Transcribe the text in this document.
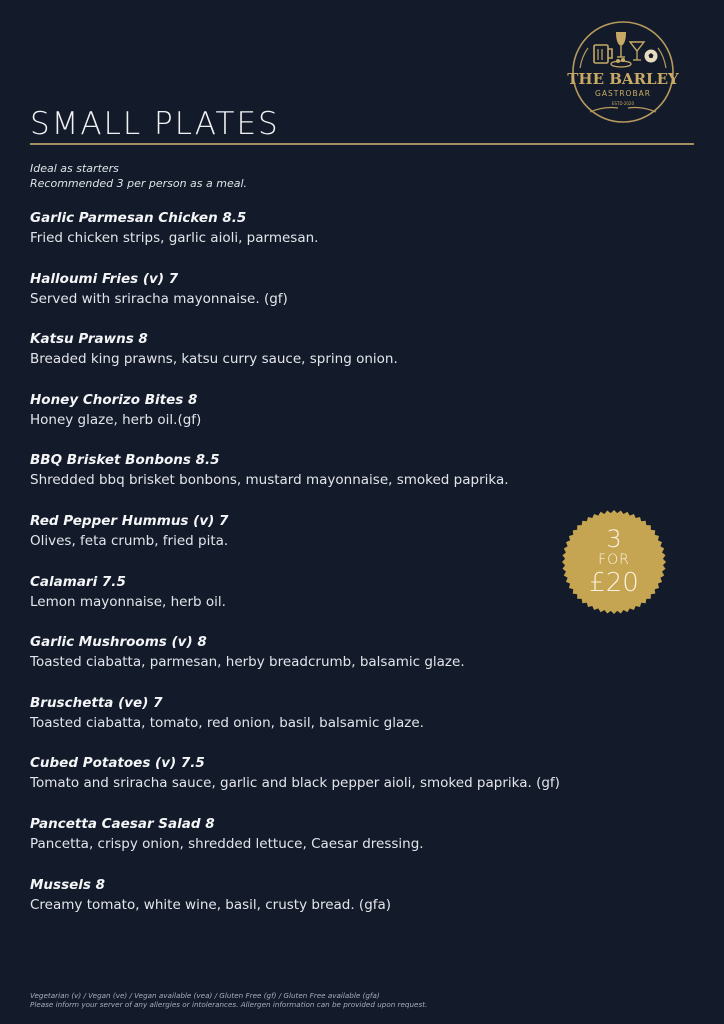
THE BARLEY
GASTROBAR
ESTD·2020
SMALL PLATES
Ideal as starters
Recommended 3 per person as a meal.
Garlic Parmesan Chicken 8.5
Fried chicken strips, garlic aioli, parmesan.
Halloumi Fries (v) 7
Served with sriracha mayonnaise. (gf)
Katsu Prawns 8
Breaded king prawns, katsu curry sauce, spring onion.
Honey Chorizo Bites 8
Honey glaze, herb oil.(gf)
BBQ Brisket Bonbons 8.5
Shredded bbq brisket bonbons, mustard mayonnaise, smoked paprika.
Red Pepper Hummus (v) 7
Olives, feta crumb, fried pita.
Calamari 7.5
Lemon mayonnaise, herb oil.
Garlic Mushrooms (v) 8
Toasted ciabatta, parmesan, herby breadcrumb, balsamic glaze.
Bruschetta (ve) 7
Toasted ciabatta, tomato, red onion, basil, balsamic glaze.
Cubed Potatoes (v) 7.5
Tomato and sriracha sauce, garlic and black pepper aioli, smoked paprika. (gf)
Pancetta Caesar Salad 8
Pancetta, crispy onion, shredded lettuce, Caesar dressing.
Mussels 8
Creamy tomato, white wine, basil, crusty bread. (gfa)
3
FOR
£20
Vegetarian (v) / Vegan (ve) / Vegan available (vea) / Gluten Free (gf) / Gluten Free available (gfa)
Please inform your server of any allergies or intolerances. Allergen information can be provided upon request.
